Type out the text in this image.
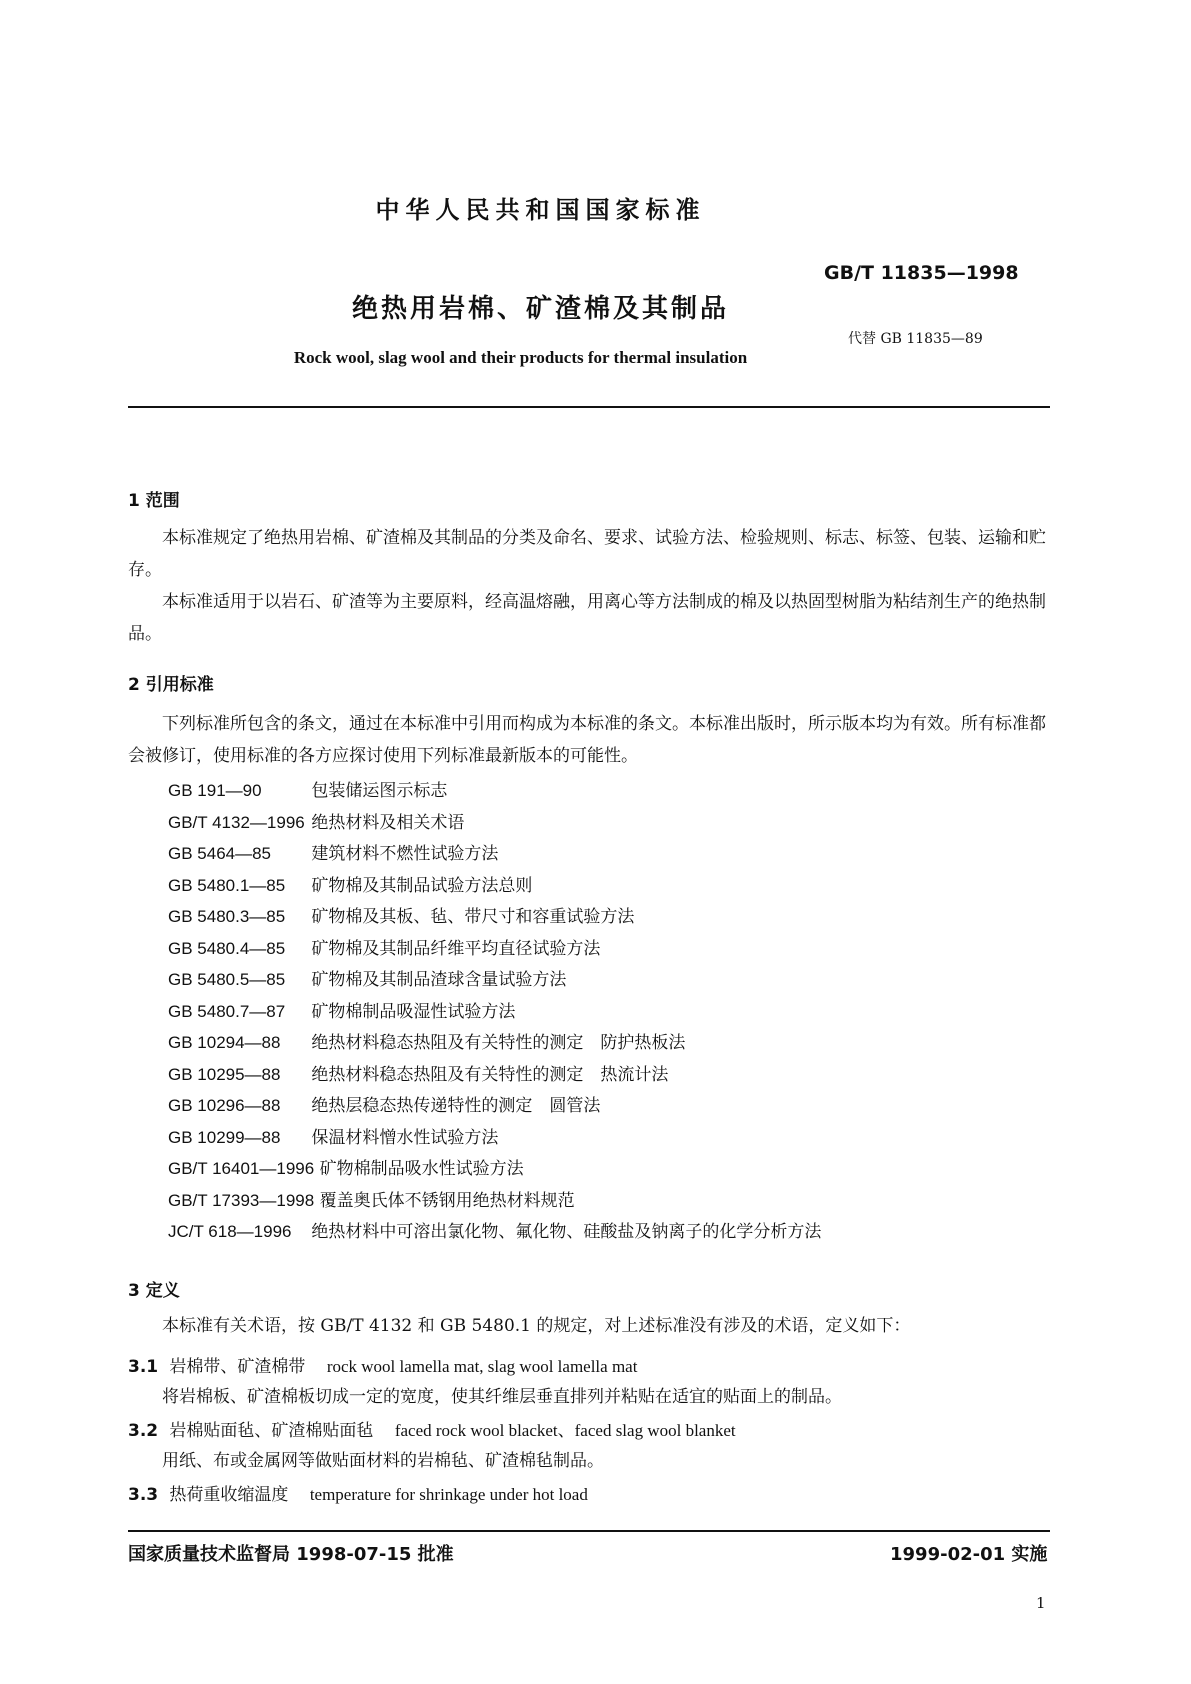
中华人民共和国国家标准
GB/T 11835—1998
绝热用岩棉、矿渣棉及其制品
代替 GB 11835—89
Rock wool, slag wool and their products for thermal insulation
1 范围
本标准规定了绝热用岩棉、矿渣棉及其制品的分类及命名、要求、试验方法、检验规则、标志、标签、包装、运输和贮存。
本标准适用于以岩石、矿渣等为主要原料，经高温熔融，用离心等方法制成的棉及以热固型树脂为粘结剂生产的绝热制品。
2 引用标准
下列标准所包含的条文，通过在本标准中引用而构成为本标准的条文。本标准出版时，所示版本均为有效。所有标准都会被修订，使用标准的各方应探讨使用下列标准最新版本的可能性。
GB 191—90	包装储运图示标志
GB/T 4132—1996 绝热材料及相关术语
GB 5464—85 建筑材料不燃性试验方法
GB 5480.1—85 矿物棉及其制品试验方法总则
GB 5480.3—85 矿物棉及其板、毡、带尺寸和容重试验方法
GB 5480.4—85 矿物棉及其制品纤维平均直径试验方法
GB 5480.5—85 矿物棉及其制品渣球含量试验方法
GB 5480.7—87 矿物棉制品吸湿性试验方法
GB 10294—88 绝热材料稳态热阻及有关特性的测定　防护热板法
GB 10295—88 绝热材料稳态热阻及有关特性的测定　热流计法
GB 10296—88 绝热层稳态热传递特性的测定　圆管法
GB 10299—88 保温材料憎水性试验方法
GB/T 16401—1996 矿物棉制品吸水性试验方法
GB/T 17393—1998 覆盖奥氏体不锈钢用绝热材料规范
JC/T 618—1996 绝热材料中可溶出氯化物、氟化物、硅酸盐及钠离子的化学分析方法
3 定义
本标准有关术语，按 GB/T 4132 和 GB 5480.1 的规定，对上述标准没有涉及的术语，定义如下：
3.1 岩棉带、矿渣棉带 rock wool lamella mat, slag wool lamella mat
将岩棉板、矿渣棉板切成一定的宽度，使其纤维层垂直排列并粘贴在适宜的贴面上的制品。
3.2 岩棉贴面毡、矿渣棉贴面毡 faced rock wool blacket、faced slag wool blanket
用纸、布或金属网等做贴面材料的岩棉毡、矿渣棉毡制品。
3.3 热荷重收缩温度 temperature for shrinkage under hot load
国家质量技术监督局 1998-07-15 批准	1999-02-01 实施
1
